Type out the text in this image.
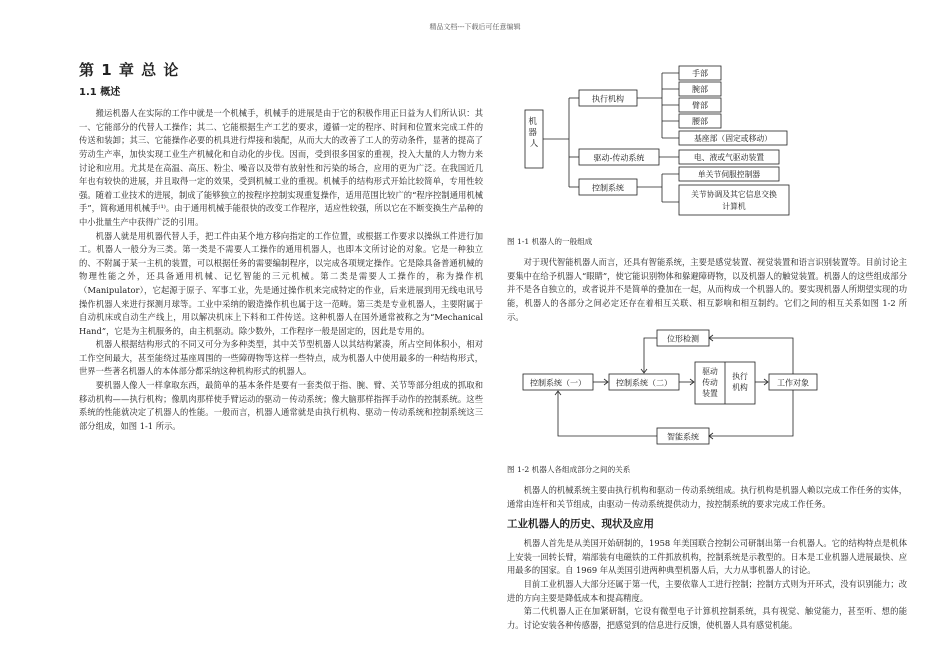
精品文档---下载后可任意编辑
第 1 章 总 论
1.1 概述

搬运机器人在实际的工作中就是一个机械手，机械手的进展是由于它的积极作用正日益为人们所认识：其一、它能部分的代替人工操作；其二、它能根据生产工艺的要求，遵循一定的程序、时间和位置来完成工件的传送和装卸；其三、它能操作必要的机具进行焊接和装配，从而大大的改善了工人的劳动条件，显著的提高了劳动生产率，加快实现工业生产机械化和自动化的步伐。因而，受到很多国家的重视，投入大量的人力物力来讨论和应用。尤其是在高温、高压、粉尘、噪音以及带有放射性和污染的场合，应用的更为广泛。在我国近几年也有较快的进展，并且取得一定的效果，受到机械工业的重视。机械手的结构形式开始比较简单，专用性较强。随着工业技术的进展，制成了能够独立的按程序控制实现重复操作，适用范围比较广的“程序控制通用机械手”，简称通用机械手⁽¹⁾。由于通用机械手能很快的改变工作程序，适应性较强，所以它在不断变换生产品种的中小批量生产中获得广泛的引用。

机器人就是用机器代替人手，把工件由某个地方移向指定的工作位置，或根据工作要求以操纵工件进行加工。机器人一般分为三类。第一类是不需要人工操作的通用机器人，也即本文所讨论的对象。它是一种独立的、不附属于某一主机的装置，可以根据任务的需要编制程序，以完成各项规定操作。它是除具备普通机械的物理性能之外，还具备通用机械、记忆智能的三元机械。第二类是需要人工操作的，称为操作机（Manipulator），它起源于原子、军事工业，先是通过操作机来完成特定的作业，后来进展到用无线电讯号操作机器人来进行探测月球等。工业中采纳的锻造操作机也属于这一范畴。第三类是专业机器人，主要附属于自动机床或自动生产线上，用以解决机床上下料和工件传送。这种机器人在国外通常被称之为“Mechanical Hand”，它是为主机服务的，由主机驱动。除少数外，工作程序一般是固定的，因此是专用的。

机器人根据结构形式的不同又可分为多种类型，其中关节型机器人以其结构紧凑，所占空间体积小，相对工作空间最大，甚至能绕过基座周围的一些障碍物等这样一些特点，成为机器人中使用最多的一种结构形式，世界一些著名机器人的本体部分都采纳这种机构形式的机器人。

要机器人像人一样拿取东西，最简单的基本条件是要有一套类似于指、腕、臂、关节等部分组成的抓取和移动机构——执行机构；像肌肉那样使手臂运动的驱动－传动系统；像大脑那样指挥手动作的控制系统。这些系统的性能就决定了机器人的性能。一般而言，机器人通常就是由执行机构、驱动－传动系统和控制系统这三部分组成，如图 1-1 所示。

机 器 人
执行机构
驱动-传动系统
控制系统
手部
腕部
臂部
腰部
基座部（固定或移动）
电、液或气驱动装置
单关节伺服控制器
关节协调及其它信息交换
计算机

图 1-1 机器人的一般组成

对于现代智能机器人而言，还具有智能系统，主要是感觉装置、视觉装置和语言识别装置等。目前讨论主要集中在给予机器人“眼睛”，使它能识别物体和躲避障碍物，以及机器人的触觉装置。机器人的这些组成部分并不是各自独立的，或者说并不是简单的叠加在一起，从而构成一个机器人的。要实现机器人所期望实现的功能，机器人的各部分之间必定还存在着相互关联、相互影响和相互制约。它们之间的相互关系如图 1-2 所示。

位形检测
控制系统（一）	控制系统（二）
驱动
传动
装置
执行
机构	工作对象
智能系统

图 1-2 机器人各组成部分之间的关系

机器人的机械系统主要由执行机构和驱动－传动系统组成。执行机构是机器人赖以完成工作任务的实体，通常由连杆和关节组成，由驱动－传动系统提供动力，按控制系统的要求完成工作任务。

工业机器人的历史、现状及应用

机器人首先是从美国开始研制的，1958 年美国联合控制公司研制出第一台机器人。它的结构特点是机体上安装一回转长臂，端部装有电磁铁的工件抓放机构，控制系统是示教型的。日本是工业机器人进展最快、应用最多的国家。自 1969 年从美国引进两种典型机器人后，大力从事机器人的讨论。

目前工业机器人大部分还属于第一代，主要依靠人工进行控制；控制方式则为开环式，没有识别能力；改进的方向主要是降低成本和提高精度。

第二代机器人正在加紧研制，它设有微型电子计算机控制系统，具有视觉、触觉能力，甚至听、想的能力。讨论安装各种传感器，把感觉到的信息进行反馈，使机器人具有感觉机能。
